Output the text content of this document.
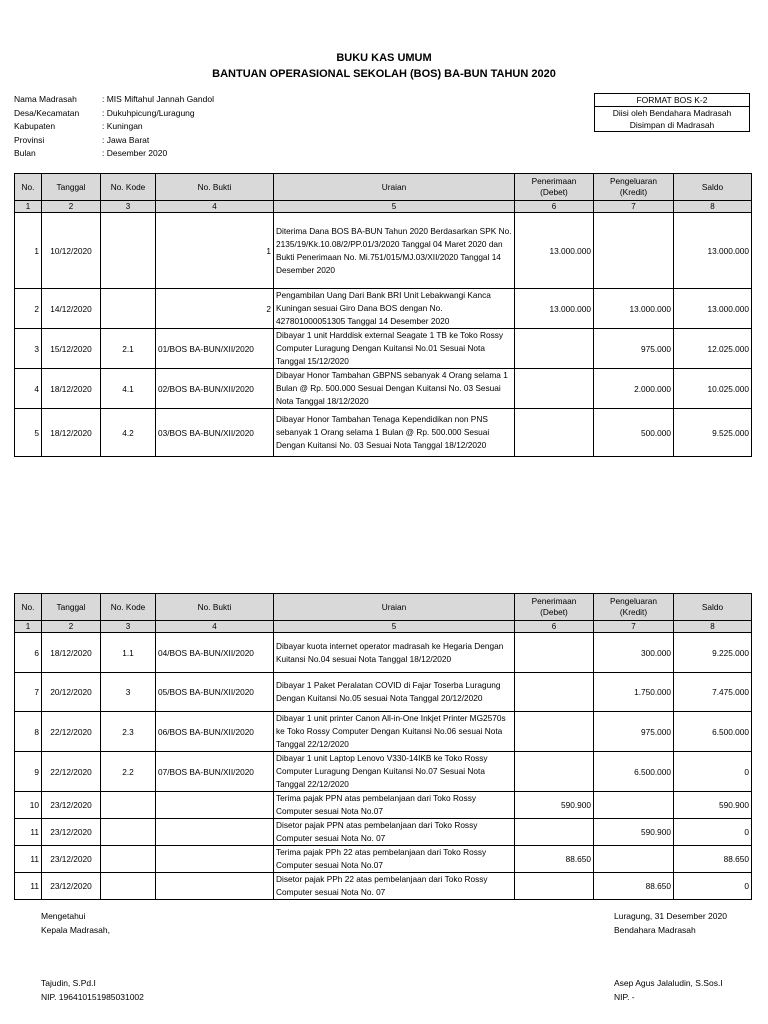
BUKU KAS UMUM
BANTUAN OPERASIONAL SEKOLAH (BOS) BA-BUN TAHUN 2020
Nama Madrasah	: MIS Miftahul Jannah Gandol
Desa/Kecamatan	: Dukuhpicung/Luragung
Kabupaten	: Kuningan
Provinsi	: Jawa Barat
Bulan	: Desember 2020
FORMAT BOS K-2
Diisi oleh Bendahara Madrasah
Disimpan di Madrasah
No.	Tanggal	No. Kode	No. Bukti	Uraian	Penerimaan (Debet)	Pengeluaran (Kredit)	Saldo
1	2	3	4	5	6	7	8
1	10/12/2020		1	Diterima Dana BOS BA-BUN Tahun 2020 Berdasarkan SPK No. 2135/19/Kk.10.08/2/PP.01/3/2020 Tanggal 04 Maret 2020 dan Bukti Penerimaan No. Mi.751/015/MJ.03/XII/2020 Tanggal 14 Desember 2020	13.000.000		13.000.000
2	14/12/2020		2	Pengambilan Uang Dari Bank BRI Unit Lebakwangi Kanca Kuningan sesuai Giro Dana BOS dengan No. 427801000051305 Tanggal 14 Desember 2020	13.000.000	13.000.000	13.000.000
3	15/12/2020	2.1	01/BOS BA-BUN/XII/2020	Dibayar 1 unit Harddisk external Seagate 1 TB ke Toko Rossy Computer Luragung Dengan Kuitansi No.01 Sesuai Nota Tanggal 15/12/2020		975.000	12.025.000
4	18/12/2020	4.1	02/BOS BA-BUN/XII/2020	Dibayar Honor Tambahan GBPNS sebanyak 4 Orang selama 1 Bulan @ Rp. 500.000 Sesuai Dengan Kuitansi No. 03 Sesuai Nota Tanggal 18/12/2020		2.000.000	10.025.000
5	18/12/2020	4.2	03/BOS BA-BUN/XII/2020	Dibayar Honor Tambahan Tenaga Kependidikan non PNS sebanyak 1 Orang selama 1 Bulan @ Rp. 500.000 Sesuai Dengan Kuitansi No. 03 Sesuai Nota Tanggal 18/12/2020		500.000	9.525.000
No.	Tanggal	No. Kode	No. Bukti	Uraian	Penerimaan (Debet)	Pengeluaran (Kredit)	Saldo
1	2	3	4	5	6	7	8
6	18/12/2020	1.1	04/BOS BA-BUN/XII/2020	Dibayar kuota internet operator madrasah ke Hegaria Dengan Kuitansi No.04 sesuai Nota Tanggal 18/12/2020		300.000	9.225.000
7	20/12/2020	3	05/BOS BA-BUN/XII/2020	Dibayar 1 Paket Peralatan COVID di Fajar Toserba Luragung Dengan Kuitansi No.05 sesuai Nota Tanggal 20/12/2020		1.750.000	7.475.000
8	22/12/2020	2.3	06/BOS BA-BUN/XII/2020	Dibayar 1 unit printer Canon All-in-One Inkjet Printer MG2570s ke Toko Rossy Computer Dengan Kuitansi No.06 sesuai Nota Tanggal 22/12/2020		975.000	6.500.000
9	22/12/2020	2.2	07/BOS BA-BUN/XII/2020	Dibayar 1 unit Laptop Lenovo V330-14IKB ke Toko Rossy Computer Luragung Dengan Kuitansi No.07 Sesuai Nota Tanggal 22/12/2020		6.500.000	0
10	23/12/2020			Terima pajak PPN atas pembelanjaan dari Toko Rossy Computer sesuai Nota No.07	590.900		590.900
11	23/12/2020			Disetor pajak PPN atas pembelanjaan dari Toko Rossy Computer sesuai Nota No. 07		590.900	0
11	23/12/2020			Terima pajak PPh 22 atas pembelanjaan dari Toko Rossy Computer sesuai Nota No.07	88.650		88.650
11	23/12/2020			Disetor pajak PPh 22 atas pembelanjaan dari Toko Rossy Computer sesuai Nota No. 07		88.650	0
Mengetahui
Kepala Madrasah,
Luragung, 31 Desember 2020
Bendahara Madrasah
Tajudin, S.Pd.I
NIP. 196410151985031002
Asep Agus Jalaludin, S.Sos.I
NIP. -
